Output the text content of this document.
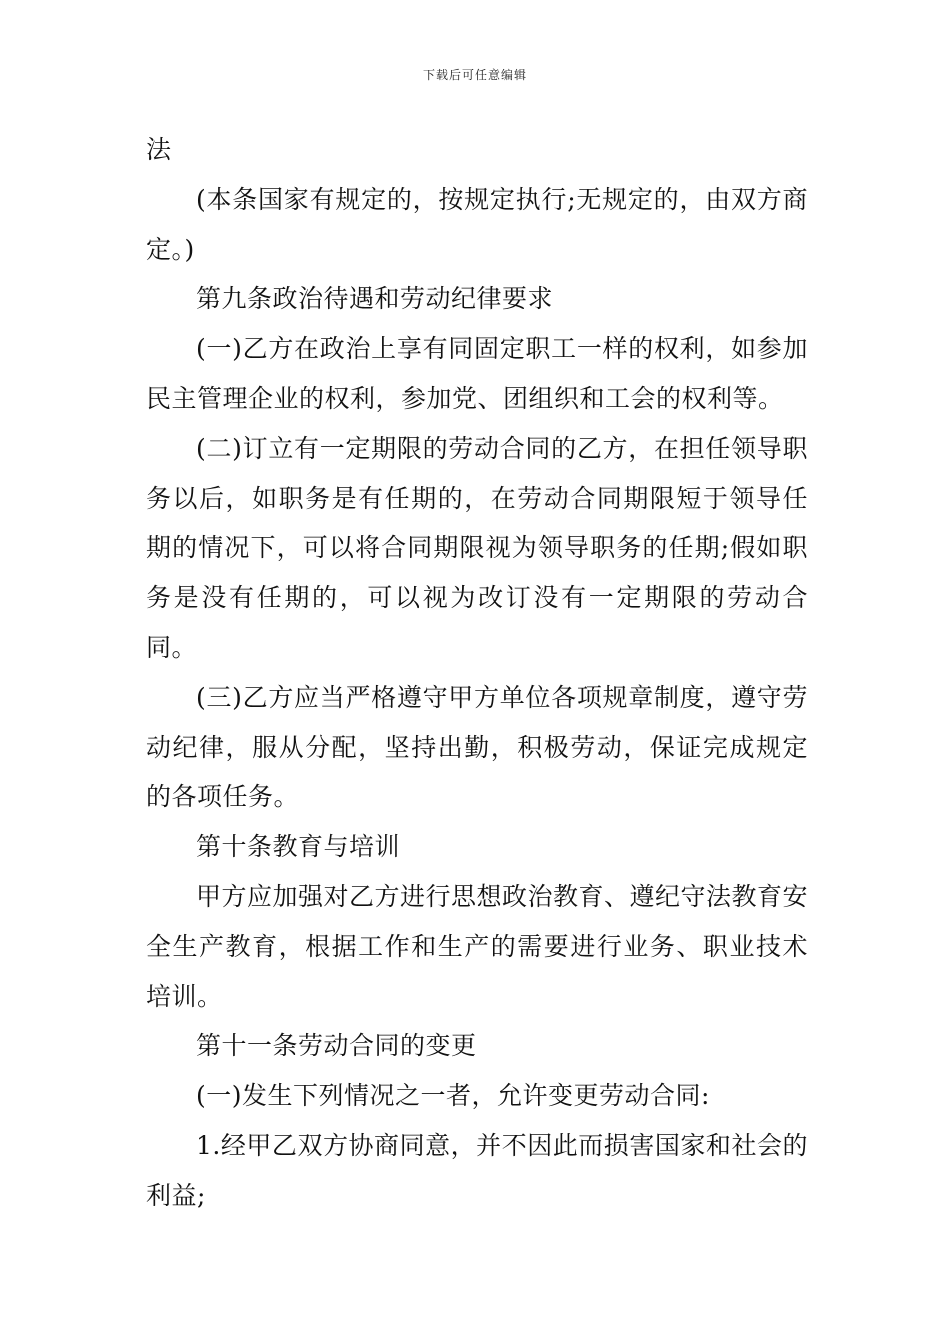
下载后可任意编辑

法

(本条国家有规定的，按规定执行;无规定的，由双方商定。)

第九条政治待遇和劳动纪律要求

(一)乙方在政治上享有同固定职工一样的权利，如参加民主管理企业的权利，参加党、团组织和工会的权利等。

(二)订立有一定期限的劳动合同的乙方，在担任领导职务以后，如职务是有任期的，在劳动合同期限短于领导任期的情况下，可以将合同期限视为领导职务的任期;假如职务是没有任期的，可以视为改订没有一定期限的劳动合同。

(三)乙方应当严格遵守甲方单位各项规章制度，遵守劳动纪律，服从分配，坚持出勤，积极劳动，保证完成规定的各项任务。

第十条教育与培训

甲方应加强对乙方进行思想政治教育、遵纪守法教育安全生产教育，根据工作和生产的需要进行业务、职业技术培训。

第十一条劳动合同的变更

(一)发生下列情况之一者，允许变更劳动合同:

1.经甲乙双方协商同意，并不因此而损害国家和社会的利益;
